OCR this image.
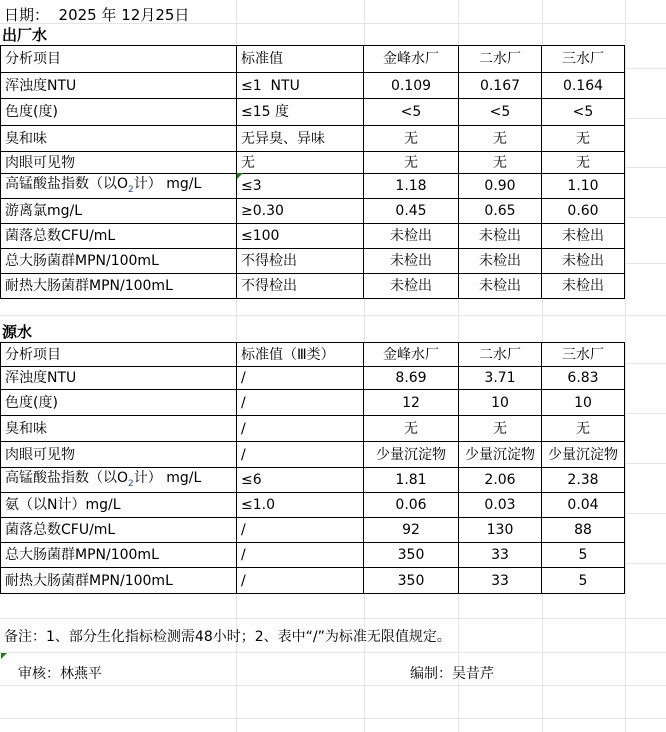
日期：  2025 年 12月25日
出厂水
分析项目	标准值	金峰水厂	二水厂	三水厂
浑浊度NTU	≤1  NTU	0.109	0.167	0.164
色度(度)	≤15 度	<5	<5	<5
臭和味	无异臭、异味	无	无	无
肉眼可见物	无	无	无	无
高锰酸盐指数（以$O_2$计） mg/L	≤3	1.18	0.90	1.10
游离氯mg/L	≥0.30	0.45	0.65	0.60
菌落总数CFU/mL	≤100	未检出	未检出	未检出
总大肠菌群MPN/100mL	不得检出	未检出	未检出	未检出
耐热大肠菌群MPN/100mL	不得检出	未检出	未检出	未检出
源水
分析项目	标准值（Ⅲ类）	金峰水厂	二水厂	三水厂
浑浊度NTU	/	8.69	3.71	6.83
色度(度)	/	12	10	10
臭和味	/	无	无	无
肉眼可见物	/	少量沉淀物	少量沉淀物	少量沉淀物
高锰酸盐指数（以$O_2$计） mg/L	≤6	1.81	2.06	2.38
氨（以N计）mg/L	≤1.0	0.06	0.03	0.04
菌落总数CFU/mL	/	92	130	88
总大肠菌群MPN/100mL	/	350	33	5
耐热大肠菌群MPN/100mL	/	350	33	5
备注：1、部分生化指标检测需48小时；2、表中“/”为标准无限值规定。
审核：林燕平	编制：吴昔芹
